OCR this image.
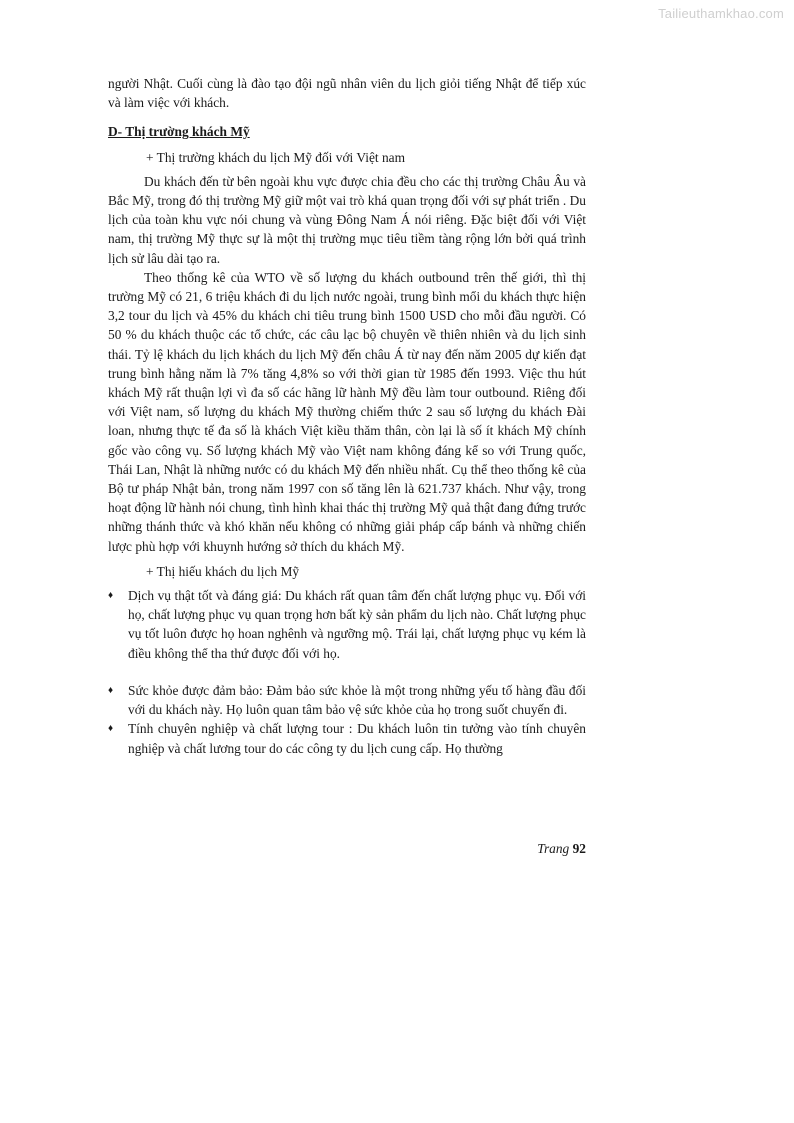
Tailieuthamkhao.com

người Nhật. Cuối cùng là đào tạo đội ngũ nhân viên du lịch giỏi tiếng Nhật để tiếp xúc và làm việc với khách.

D- Thị trường khách Mỹ

+ Thị trường khách du lịch Mỹ đối với Việt nam

Du khách đến từ bên ngoài khu vực được chia đều cho các thị trường Châu Âu và Bắc Mỹ, trong đó thị trường Mỹ giữ một vai trò khá quan trọng đối với sự phát triển . Du lịch của toàn khu vực nói chung và vùng Đông Nam Á nói riêng. Đặc biệt đối với Việt nam, thị trường Mỹ thực sự là một thị trường mục tiêu tiềm tàng rộng lớn bởi quá trình lịch sử lâu dài tạo ra.

Theo thống kê của WTO về số lượng du khách outbound trên thế giới, thì thị trường Mỹ có 21, 6 triệu khách đi du lịch nước ngoài, trung bình mổi du khách thực hiện 3,2 tour du lịch và 45% du khách chi tiêu trung bình 1500 USD cho mỗi đầu người. Có 50 % du khách thuộc các tổ chức, các câu lạc bộ chuyên về thiên nhiên và du lịch sinh thái. Tỷ lệ khách du lịch khách du lịch Mỹ đến châu Á từ nay đến năm 2005 dự kiến đạt trung bình hằng năm là 7% tăng 4,8% so với thời gian từ 1985 đến 1993. Việc thu hút khách Mỹ rất thuận lợi vì đa số các hãng lữ hành Mỹ đều làm tour outbound. Riêng đối với Việt nam, số lượng du khách Mỹ thường chiếm thức 2 sau số lượng du khách Đài loan, nhưng thực tế đa số là khách Việt kiều thăm thân, còn lại là số ít khách Mỹ chính gốc vào công vụ. Số lượng khách Mỹ vào Việt nam không đáng kể so với Trung quốc, Thái Lan, Nhật là những nước có du khách Mỹ đến nhiều nhất. Cụ thể theo thống kê của Bộ tư pháp Nhật bản, trong năm 1997 con số tăng lên là 621.737 khách. Như vậy, trong hoạt động lữ hành nói chung, tình hình khai thác thị trường Mỹ quả thật đang đứng trước những thánh thức và khó khăn nếu không có những giải pháp cấp bánh và những chiến lược phù hợp với khuynh hướng sở thích du khách Mỹ.

+ Thị hiếu khách du lịch Mỹ

♦ Dịch vụ thật tốt và đáng giá: Du khách rất quan tâm đến chất lượng phục vụ. Đối với họ, chất lượng phục vụ quan trọng hơn bất kỳ sản phẩm du lịch nào. Chất lượng phục vụ tốt luôn được họ hoan nghênh và ngưỡng mộ. Trái lại, chất lượng phục vụ kém là điều không thể tha thứ được đối với họ.

♦ Sức khỏe được đảm bảo: Đảm bảo sức khỏe là một trong những yếu tố hàng đầu đối với du khách này. Họ luôn quan tâm bảo vệ sức khỏe của họ trong suốt chuyến đi.

♦ Tính chuyên nghiệp và chất lượng tour : Du khách luôn tin tưởng vào tính chuyên nghiệp và chất lương tour do các công ty du lịch cung cấp. Họ thường

Trang 92
